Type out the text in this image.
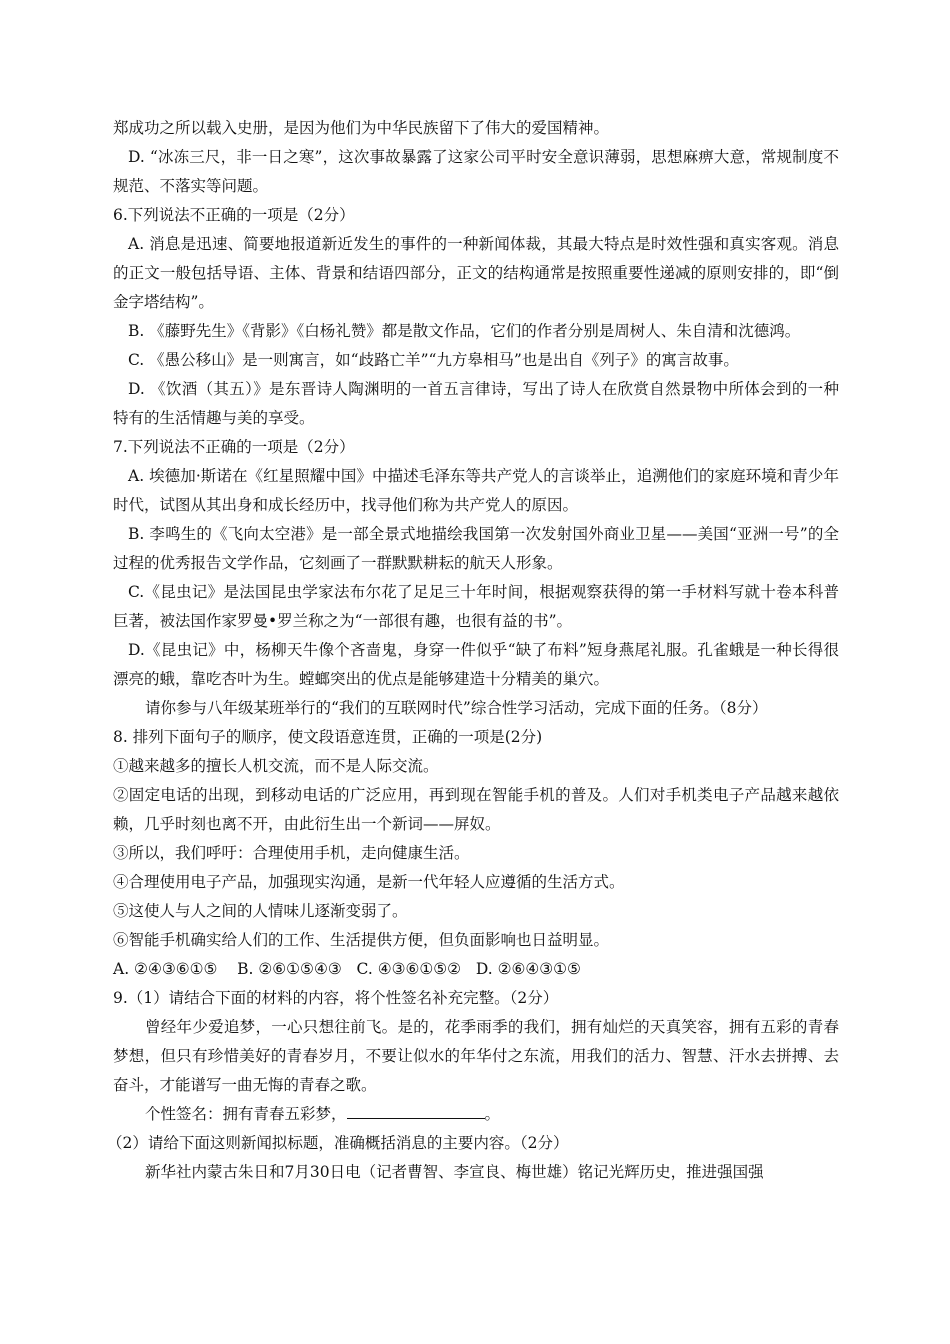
郑成功之所以载入史册，是因为他们为中华民族留下了伟大的爱国精神。

D. “冰冻三尺，非一日之寒”，这次事故暴露了这家公司平时安全意识薄弱，思想麻痹大意，常规制度不规范、不落实等问题。

6.下列说法不正确的一项是（2分）

A. 消息是迅速、简要地报道新近发生的事件的一种新闻体裁，其最大特点是时效性强和真实客观。消息的正文一般包括导语、主体、背景和结语四部分，正文的结构通常是按照重要性递减的原则安排的，即“倒金字塔结构”。

B. 《藤野先生》《背影》《白杨礼赞》都是散文作品，它们的作者分别是周树人、朱自清和沈德鸿。

C. 《愚公移山》是一则寓言，如“歧路亡羊”“九方皋相马”也是出自《列子》的寓言故事。

D. 《饮酒（其五）》是东晋诗人陶渊明的一首五言律诗，写出了诗人在欣赏自然景物中所体会到的一种特有的生活情趣与美的享受。

7.下列说法不正确的一项是（2分）

A. 埃德加·斯诺在《红星照耀中国》中描述毛泽东等共产党人的言谈举止，追溯他们的家庭环境和青少年时代，试图从其出身和成长经历中，找寻他们称为共产党人的原因。

B. 李鸣生的《飞向太空港》是一部全景式地描绘我国第一次发射国外商业卫星——美国“亚洲一号”的全过程的优秀报告文学作品，它刻画了一群默默耕耘的航天人形象。

C.《昆虫记》是法国昆虫学家法布尔花了足足三十年时间，根据观察获得的第一手材料写就十卷本科普巨著，被法国作家罗曼•罗兰称之为“一部很有趣，也很有益的书”。

D.《昆虫记》中，杨柳天牛像个吝啬鬼，身穿一件似乎“缺了布料”短身燕尾礼服。孔雀蛾是一种长得很漂亮的蛾，靠吃杏叶为生。螳螂突出的优点是能够建造十分精美的巢穴。

请你参与八年级某班举行的“我们的互联网时代”综合性学习活动，完成下面的任务。（8分）

8. 排列下面句子的顺序，使文段语意连贯，正确的一项是(2分)

①越来越多的擅长人机交流，而不是人际交流。

②固定电话的出现，到移动电话的广泛应用，再到现在智能手机的普及。人们对手机类电子产品越来越依赖，几乎时刻也离不开，由此衍生出一个新词——屏奴。

③所以，我们呼吁：合理使用手机，走向健康生活。

④合理使用电子产品，加强现实沟通，是新一代年轻人应遵循的生活方式。

⑤这使人与人之间的人情味儿逐渐变弱了。

⑥智能手机确实给人们的工作、生活提供方便，但负面影响也日益明显。

A. ②④③⑥①⑤    B. ②⑥①⑤④③   C. ④③⑥①⑤②   D. ②⑥④③①⑤

9.（1）请结合下面的材料的内容，将个性签名补充完整。（2分）

曾经年少爱追梦，一心只想往前飞。是的，花季雨季的我们，拥有灿烂的天真笑容，拥有五彩的青春梦想，但只有珍惜美好的青春岁月，不要让似水的年华付之东流，用我们的活力、智慧、汗水去拼搏、去奋斗，才能谱写一曲无悔的青春之歌。

个性签名：拥有青春五彩梦，	。

（2）请给下面这则新闻拟标题，准确概括消息的主要内容。（2分）

新华社内蒙古朱日和7月30日电（记者曹智、李宣良、梅世雄）铭记光辉历史，推进强国强
